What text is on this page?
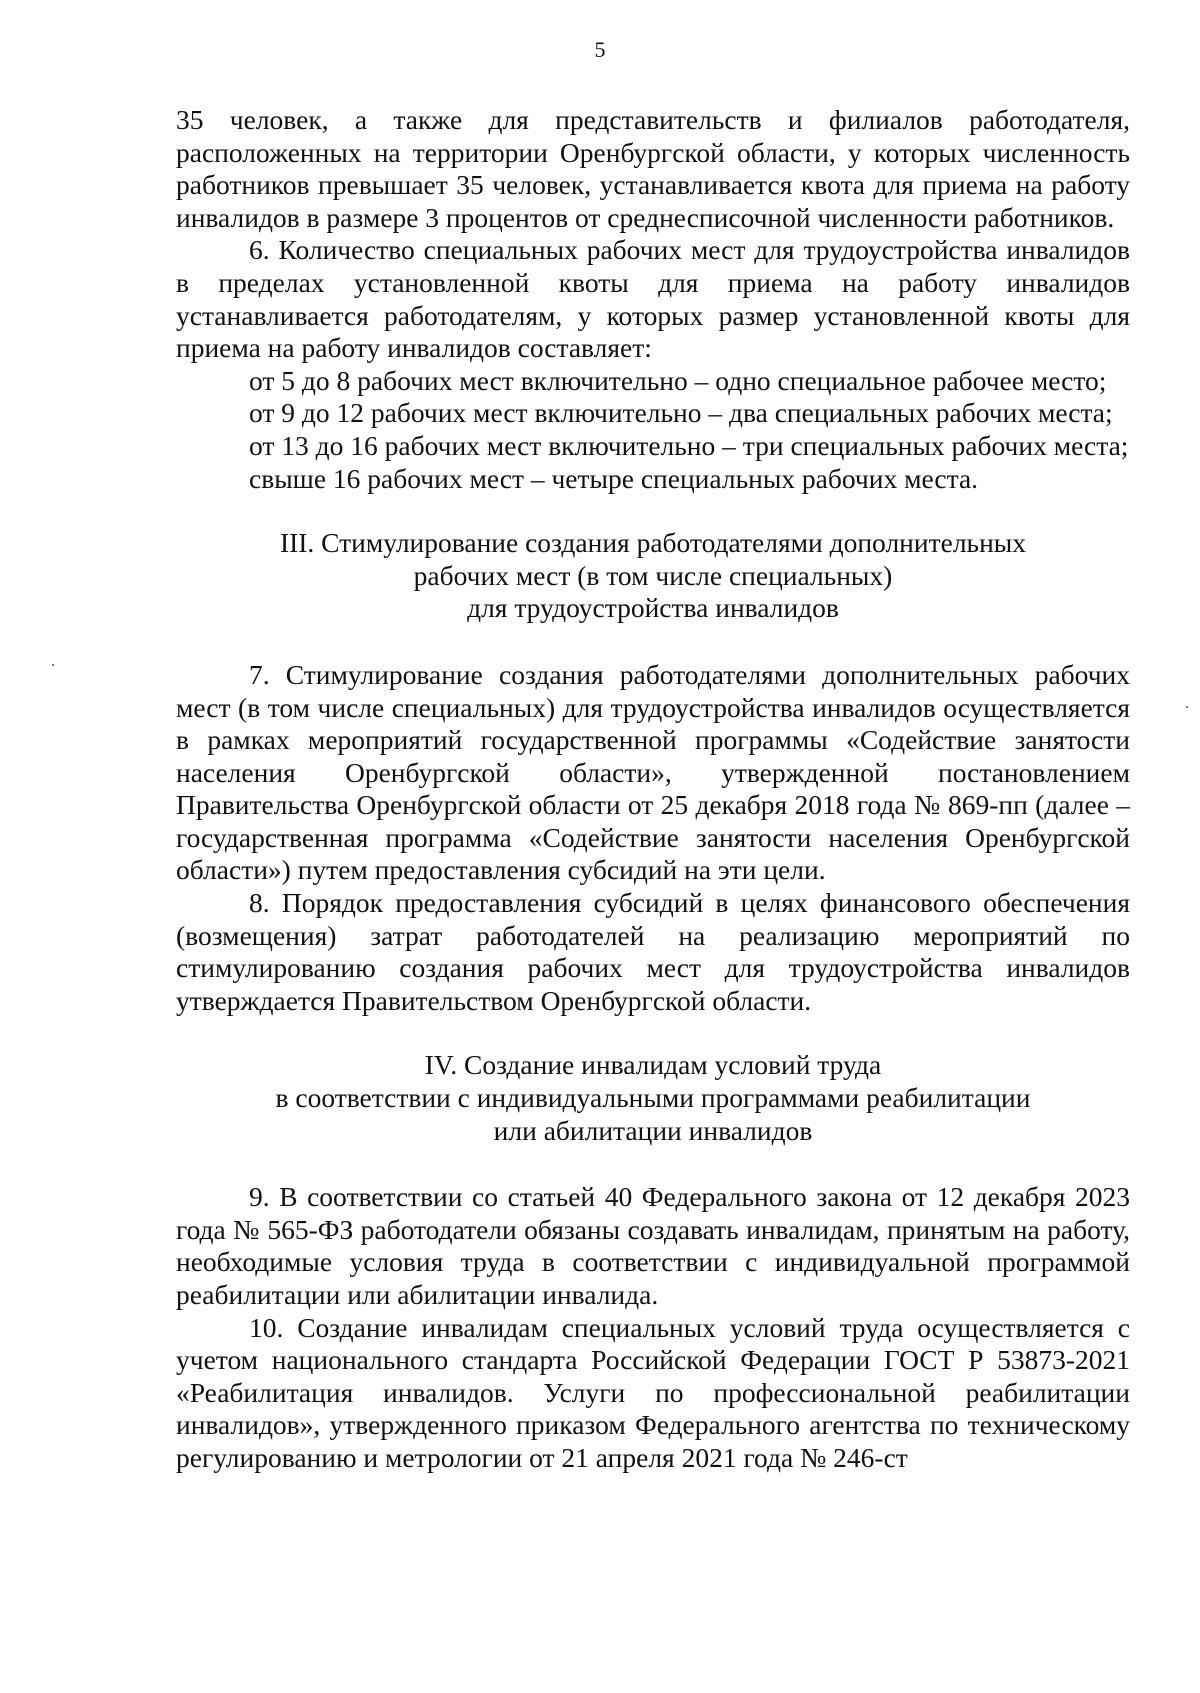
5

35 человек, а также для представительств и филиалов работодателя, расположенных на территории Оренбургской области, у которых численность работников превышает 35 человек, устанавливается квота для приема на работу инвалидов в размере 3 процентов от среднесписочной численности работников.

6. Количество специальных рабочих мест для трудоустройства инвалидов в пределах установленной квоты для приема на работу инвалидов устанавливается работодателям, у которых размер установленной квоты для приема на работу инвалидов составляет:

от 5 до 8 рабочих мест включительно – одно специальное рабочее место;

от 9 до 12 рабочих мест включительно – два специальных рабочих места;

от 13 до 16 рабочих мест включительно – три специальных рабочих места;

свыше 16 рабочих мест – четыре специальных рабочих места.

III. Стимулирование создания работодателями дополнительных
рабочих мест (в том числе специальных)
для трудоустройства инвалидов

7. Стимулирование создания работодателями дополнительных рабочих мест (в том числе специальных) для трудоустройства инвалидов осуществляется в рамках мероприятий государственной программы «Содействие занятости населения Оренбургской области», утвержденной постановлением Правительства Оренбургской области от 25 декабря 2018 года № 869-пп (далее – государственная программа «Содействие занятости населения Оренбургской области») путем предоставления субсидий на эти цели.

8. Порядок предоставления субсидий в целях финансового обеспечения (возмещения) затрат работодателей на реализацию мероприятий по стимулированию создания рабочих мест для трудоустройства инвалидов утверждается Правительством Оренбургской области.

IV. Создание инвалидам условий труда
в соответствии с индивидуальными программами реабилитации
или абилитации инвалидов

9. В соответствии со статьей 40 Федерального закона от 12 декабря 2023 года № 565-ФЗ работодатели обязаны создавать инвалидам, принятым на работу, необходимые условия труда в соответствии с индивидуальной программой реабилитации или абилитации инвалида.

10. Создание инвалидам специальных условий труда осуществляется с учетом национального стандарта Российской Федерации ГОСТ Р 53873-2021 «Реабилитация инвалидов. Услуги по профессиональной реабилитации инвалидов», утвержденного приказом Федерального агентства по техническому регулированию и метрологии от 21 апреля 2021 года № 246-ст
